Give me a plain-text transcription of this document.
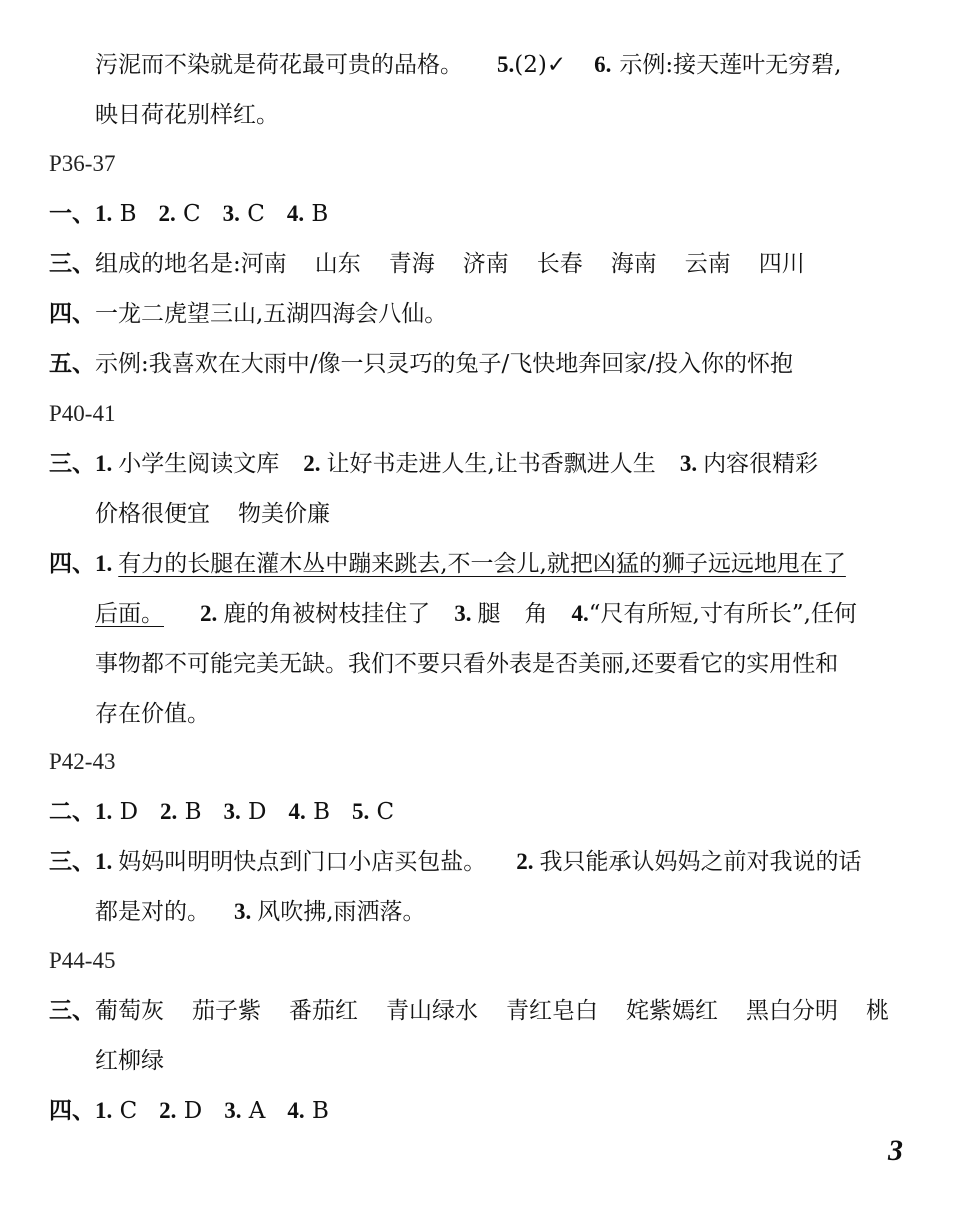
污泥而不染就是荷花最可贵的品格。 5.(2)✓ 6. 示例:接天莲叶无穷碧,
映日荷花别样红。
P36-37
一、1. B 2. C 3. C 4. B
三、组成的地名是:河南 山东 青海 济南 长春 海南 云南 四川
四、一龙二虎望三山,五湖四海会八仙。
五、示例:我喜欢在大雨中/像一只灵巧的兔子/飞快地奔回家/投入你的怀抱
P40-41
三、1. 小学生阅读文库 2. 让好书走进人生,让书香飘进人生 3. 内容很精彩
价格很便宜 物美价廉
四、1. 有力的长腿在灌木丛中蹦来跳去,不一会儿,就把凶猛的狮子远远地甩在了
后面。 2. 鹿的角被树枝挂住了 3. 腿 角 4.“尺有所短,寸有所长”,任何
事物都不可能完美无缺。我们不要只看外表是否美丽,还要看它的实用性和
存在价值。
P42-43
二、1. D 2. B 3. D 4. B 5. C
三、1. 妈妈叫明明快点到门口小店买包盐。 2. 我只能承认妈妈之前对我说的话
都是对的。 3. 风吹拂,雨洒落。
P44-45
三、葡萄灰 茄子紫 番茄红 青山绿水 青红皂白 姹紫嫣红 黑白分明 桃
红柳绿
四、1. C 2. D 3. A 4. B
3
